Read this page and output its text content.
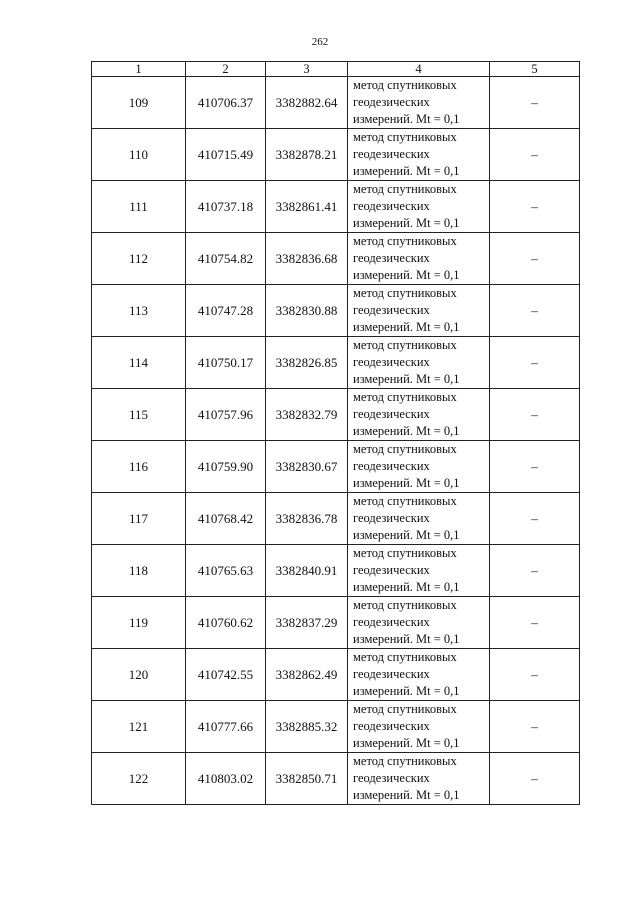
262
1	2	3	4	5
109	410706.37	3382882.64	метод спутниковых
геодезических
измерений. Mt = 0,1	–
110	410715.49	3382878.21	метод спутниковых
геодезических
измерений. Mt = 0,1	–
111	410737.18	3382861.41	метод спутниковых
геодезических
измерений. Mt = 0,1	–
112	410754.82	3382836.68	метод спутниковых
геодезических
измерений. Mt = 0,1	–
113	410747.28	3382830.88	метод спутниковых
геодезических
измерений. Mt = 0,1	–
114	410750.17	3382826.85	метод спутниковых
геодезических
измерений. Mt = 0,1	–
115	410757.96	3382832.79	метод спутниковых
геодезических
измерений. Mt = 0,1	–
116	410759.90	3382830.67	метод спутниковых
геодезических
измерений. Mt = 0,1	–
117	410768.42	3382836.78	метод спутниковых
геодезических
измерений. Mt = 0,1	–
118	410765.63	3382840.91	метод спутниковых
геодезических
измерений. Mt = 0,1	–
119	410760.62	3382837.29	метод спутниковых
геодезических
измерений. Mt = 0,1	–
120	410742.55	3382862.49	метод спутниковых
геодезических
измерений. Mt = 0,1	–
121	410777.66	3382885.32	метод спутниковых
геодезических
измерений. Mt = 0,1	–
122	410803.02	3382850.71	метод спутниковых
геодезических
измерений. Mt = 0,1	–
